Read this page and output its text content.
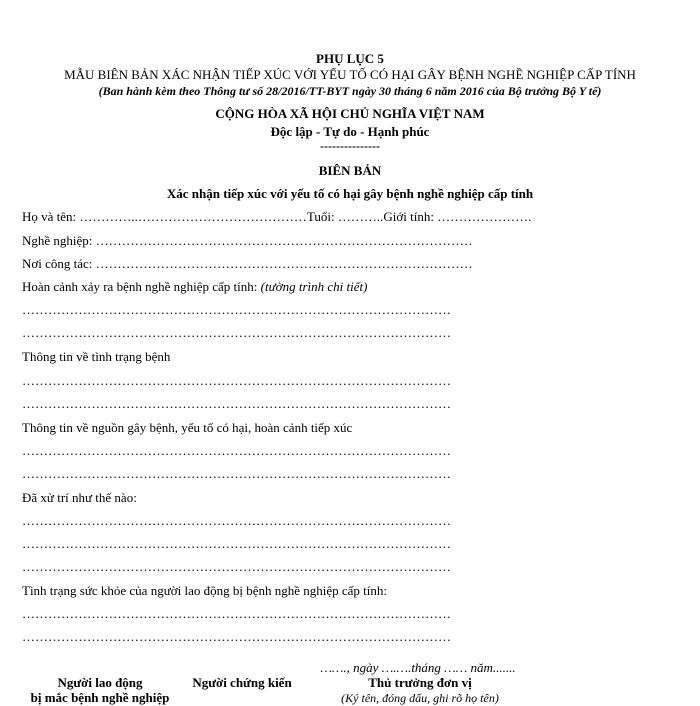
PHỤ LỤC 5
MẪU BIÊN BẢN XÁC NHẬN TIẾP XÚC VỚI YẾU TỐ CÓ HẠI GÂY BỆNH NGHỀ NGHIỆP CẤP TÍNH
(Ban hành kèm theo Thông tư số 28/2016/TT-BYT ngày 30 tháng 6 năm 2016 của Bộ trưởng Bộ Y tế)
CỘNG HÒA XÃ HỘI CHỦ NGHĨA VIỆT NAM
Độc lập - Tự do - Hạnh phúc
---------------
BIÊN BẢN
Xác nhận tiếp xúc với yếu tố có hại gây bệnh nghề nghiệp cấp tính
Họ và tên: …………..…………………………………Tuổi: ………..Giới tính: ………………….
Nghề nghiệp: ……………………………………………………………………………
Nơi công tác: ……………………………………………………………………………
Hoàn cảnh xảy ra bệnh nghề nghiệp cấp tính: (tường trình chi tiết)
………………………………………………………………………………………
………………………………………………………………………………………
Thông tin về tình trạng bệnh
………………………………………………………………………………………
………………………………………………………………………………………
Thông tin về nguồn gây bệnh, yếu tố có hại, hoàn cảnh tiếp xúc
………………………………………………………………………………………
………………………………………………………………………………………
Đã xử trí như thế nào:
………………………………………………………………………………………
………………………………………………………………………………………
………………………………………………………………………………………
Tình trạng sức khỏe của người lao động bị bệnh nghề nghiệp cấp tính:
………………………………………………………………………………………
………………………………………………………………………………………
……., ngày ….….tháng …… năm.......
Người lao động
bị mắc bệnh nghề nghiệp
Người chứng kiến	Thủ trưởng đơn vị
(Ký tên, đóng dấu, ghi rõ họ tên)
